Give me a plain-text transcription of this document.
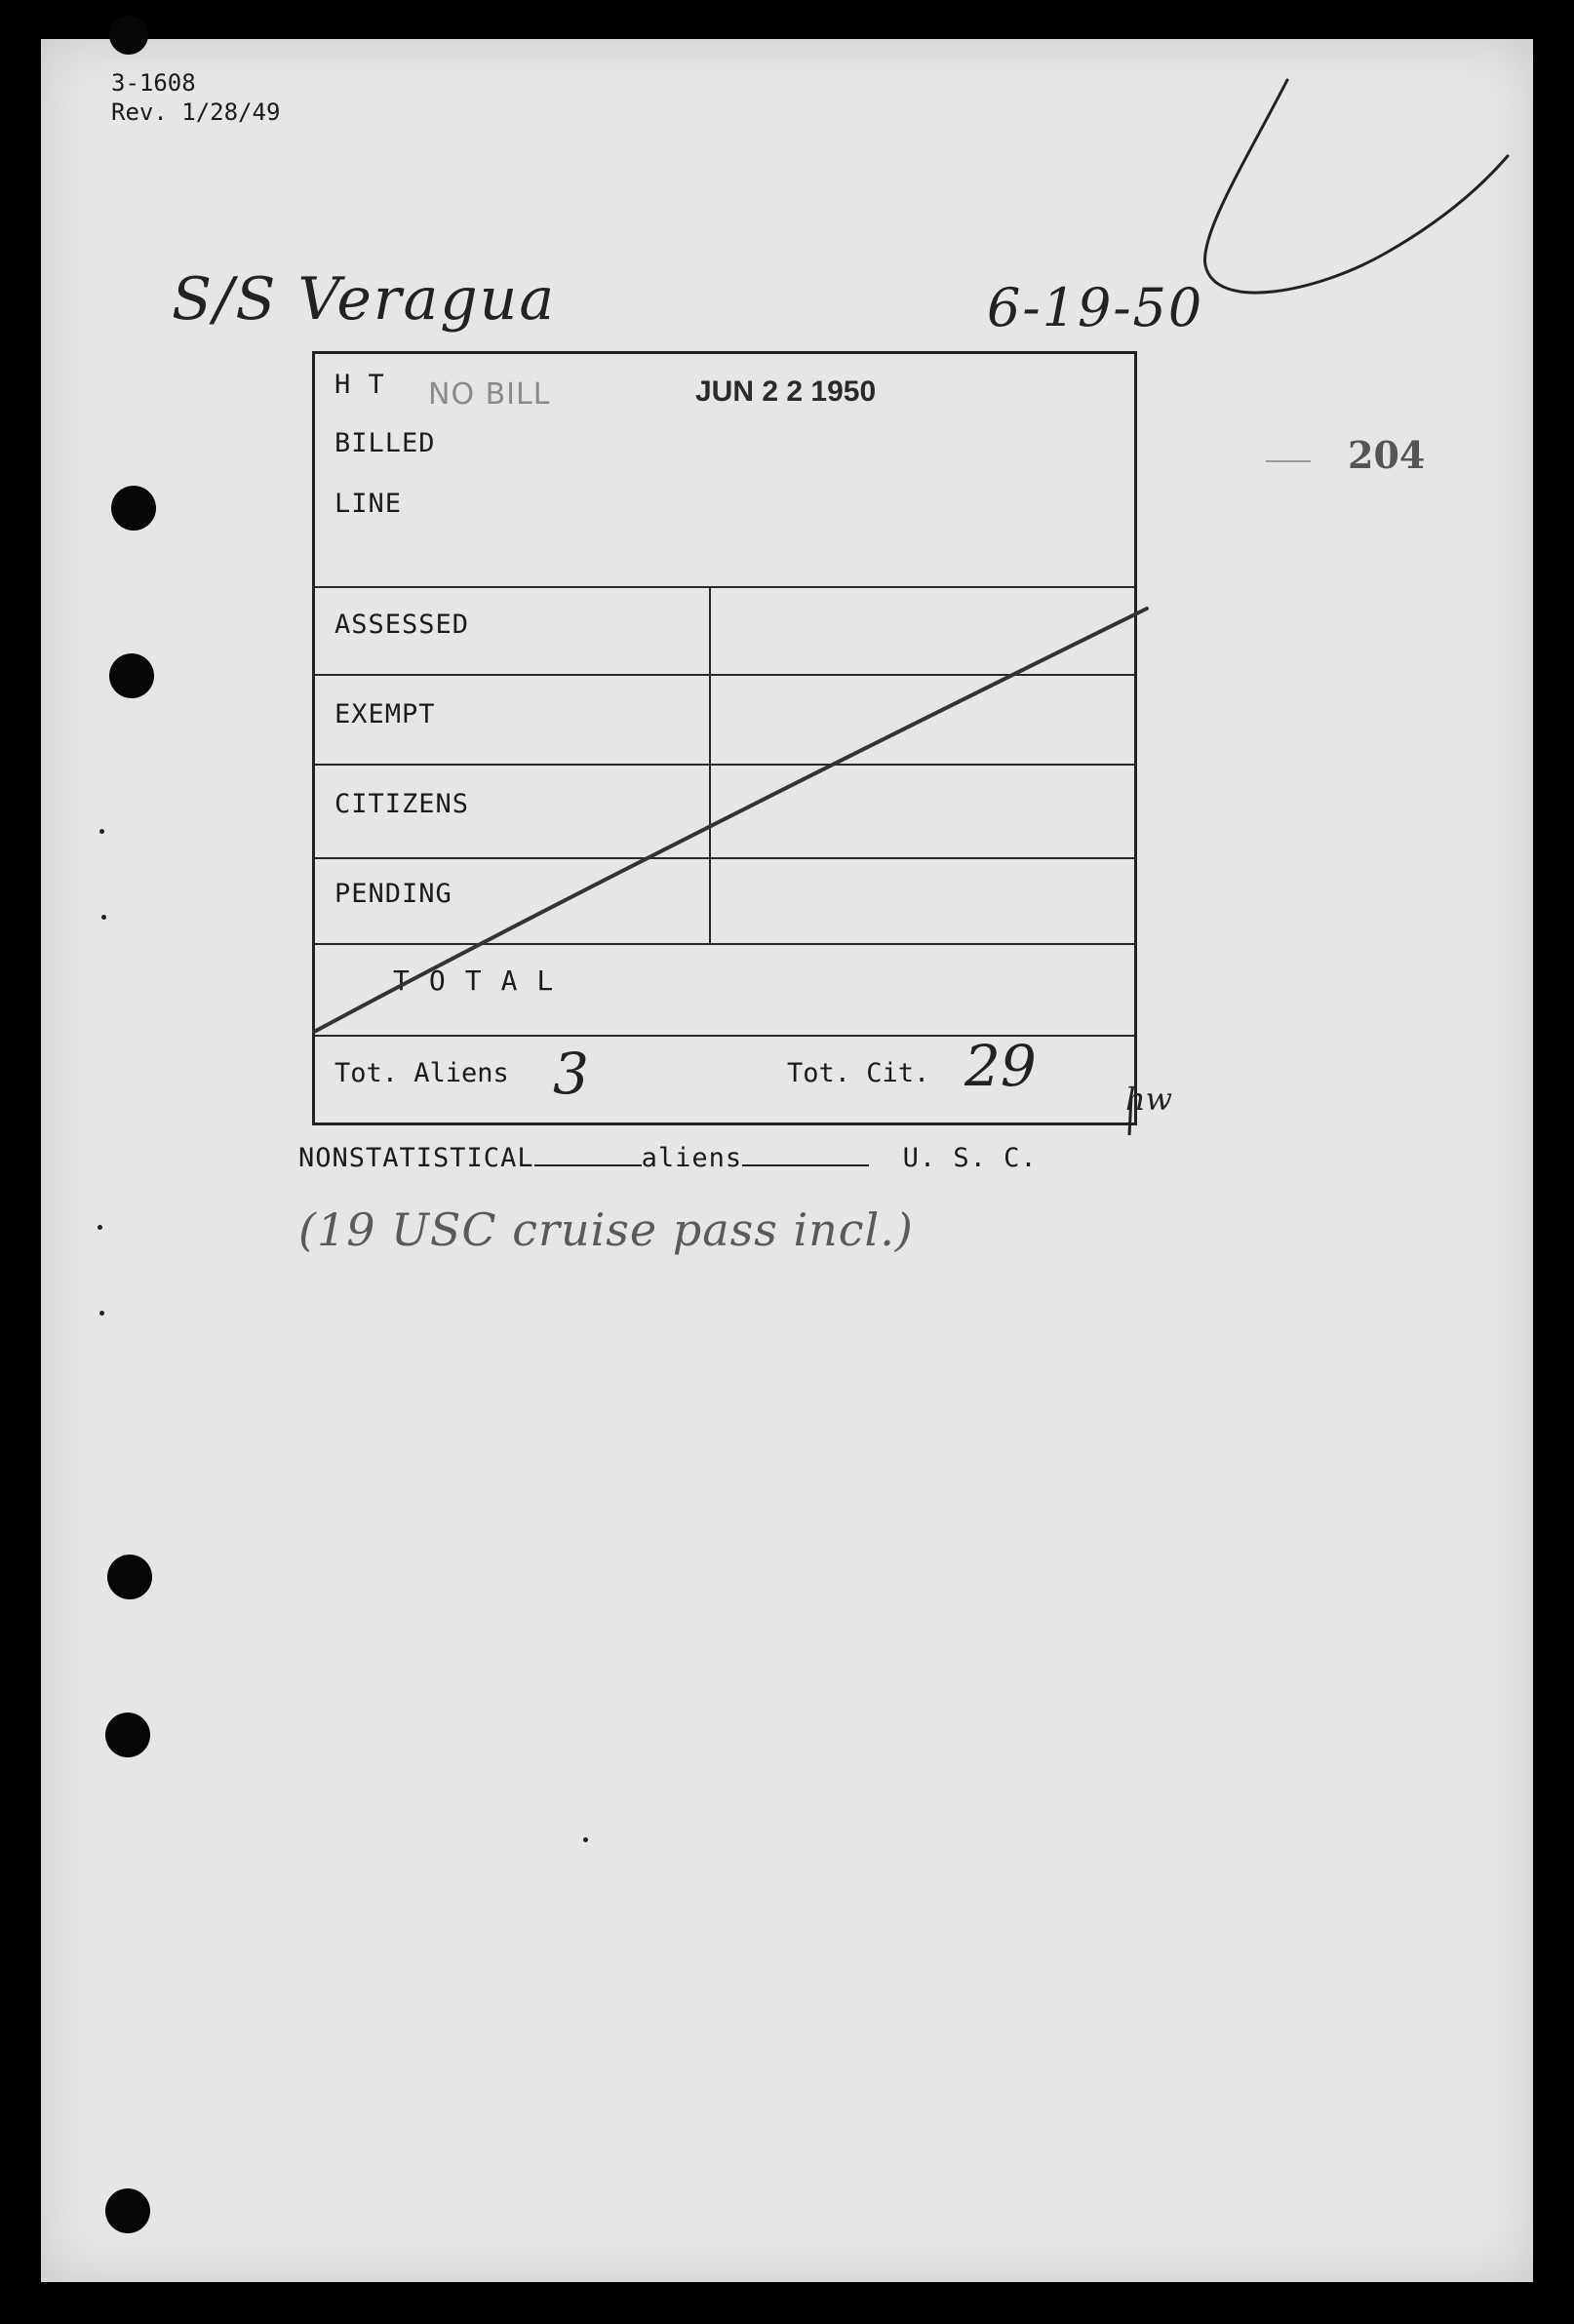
3-1608
Rev. 1/28/49
S/S Veragua	6-19-50
204
H T
BILLED
LINE
NO BILL	JUN 2 2 1950
ASSESSED
EXEMPT
CITIZENS
PENDING
TOTAL
Tot. Aliens 3	Tot. Cit. 29	hw
NONSTATISTICAL	aliens	U. S. C.
(19 USC cruise pass incl.)
